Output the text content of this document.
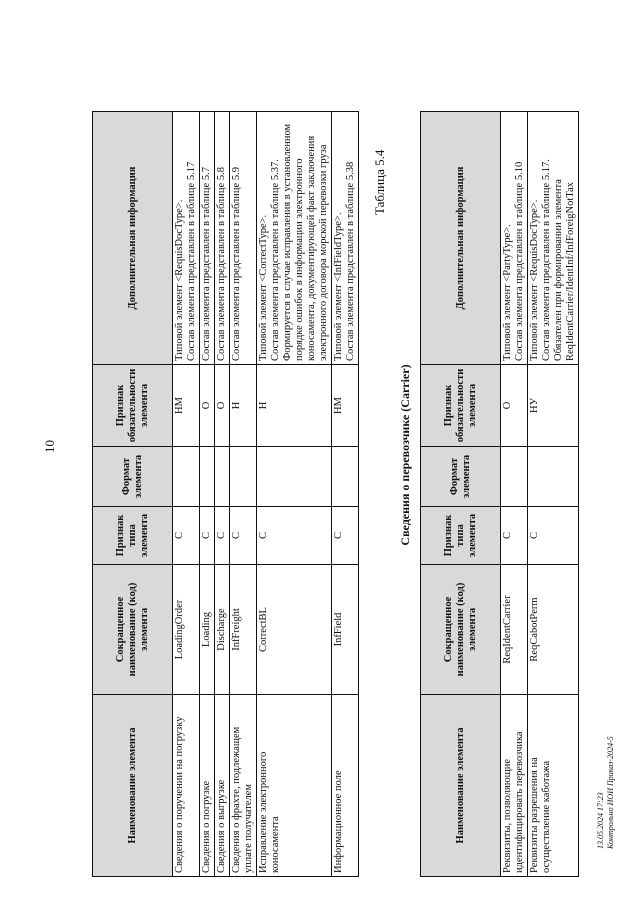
10
Наименование элемента	Сокращенное наименование (код) элемента	Признак типа элемента	Формат элемента	Признак обязательности элемента	Дополнительная информация
Сведения о поручении на погрузку	LoadingOrder	С		НМ	Типовой элемент <RequisDocType>. Состав элемента представлен в таблице 5.17

Сведения о погрузке	Loading	С		О	Состав элемента представлен в таблице 5.7

Сведения о выгрузке	Discharge	С		О	Состав элемента представлен в таблице 5.8

Сведения о фрахте, подлежащем уплате получателем	InfFreight	С		Н	Состав элемента представлен в таблице 5.9

Исправление электронного коносамента	CorrectBL	С		Н	Типовой элемент <CorrectType>. Состав элемента представлен в таблице 5.37. Формируется в случае исправления в установленном порядке ошибок в информации электронного коносамента, документирующей факт заключения электронного договора морской перевозки груза

Информационное поле	InfField	С		НМ	Типовой элемент <InfFieldType>. Состав элемента представлен в таблице 5.38 Таблица 5.4
Сведения о перевозчике (Carrier)
Наименование элемента	Сокращенное наименование (код) элемента	Признак типа элемента	Формат элемента	Признак обязательности элемента	Дополнительная информация
Реквизиты, позволяющие идентифицировать перевозчика	ReqIdentCarrier	С		О	Типовой элемент <PartyType>. Состав элемента представлен в таблице 5.10

Реквизиты разрешения на осуществление каботажа	ReqCabotPerm	С		НУ	Типовой элемент <RequisDocType>. Состав элемента представлен в таблице 5.17. Обязателен при формировании элемента ReqIdentCarrier/IdentInf/InfForeigNotTax
13.05.2024 17:23 Контрольно ИОИ Приказ-2024-5
